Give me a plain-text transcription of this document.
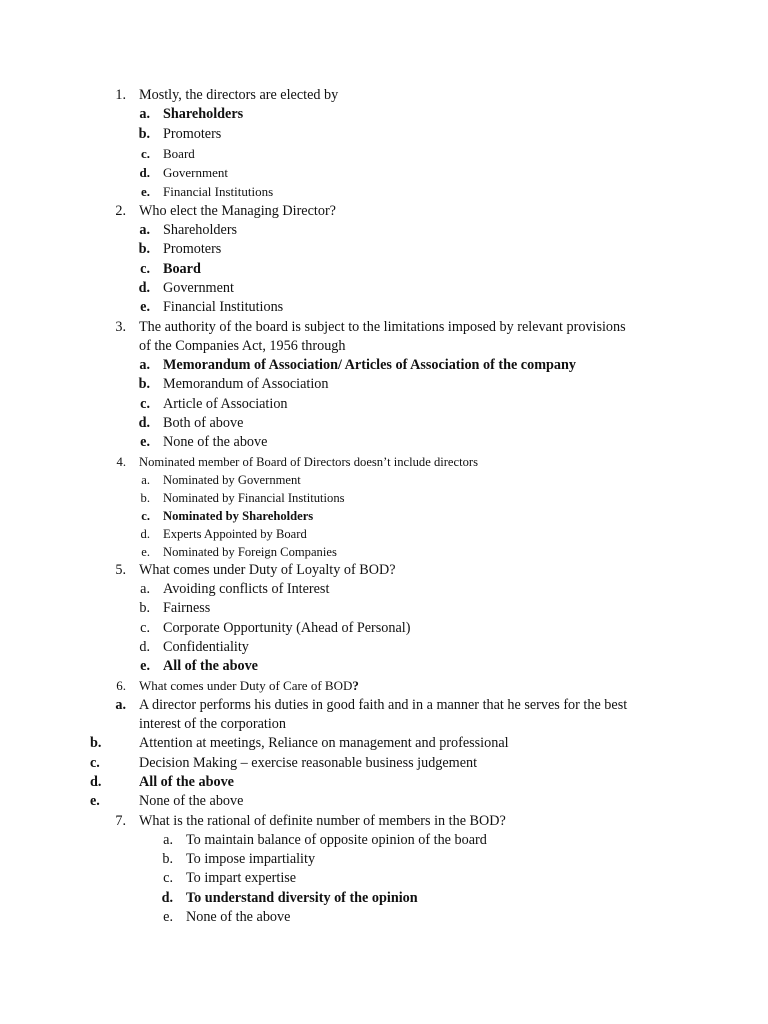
1. Mostly, the directors are elected by
a. Shareholders
b. Promoters
c. Board
d. Government
e. Financial Institutions
2. Who elect the Managing Director?
a. Shareholders
b. Promoters
c. Board
d. Government
e. Financial Institutions
3. The authority of the board is subject to the limitations imposed by relevant provisions
of the Companies Act, 1956 through
a. Memorandum of Association/ Articles of Association of the company
b. Memorandum of Association
c. Article of Association
d. Both of above
e. None of the above
4. Nominated member of Board of Directors doesn’t include directors
a. Nominated by Government
b. Nominated by Financial Institutions
c. Nominated by Shareholders
d. Experts Appointed by Board
e. Nominated by Foreign Companies
5. What comes under Duty of Loyalty of BOD?
a. Avoiding conflicts of Interest
b. Fairness
c. Corporate Opportunity (Ahead of Personal)
d. Confidentiality
e. All of the above
6. What comes under Duty of Care of BOD?
a. A director performs his duties in good faith and in a manner that he serves for the best
interest of the corporation
b.	Attention at meetings, Reliance on management and professional
c.	Decision Making – exercise reasonable business judgement
d.	All of the above
e.	None of the above
7. What is the rational of definite number of members in the BOD?
a. To maintain balance of opposite opinion of the board
b. To impose impartiality
c. To impart expertise
d. To understand diversity of the opinion
e. None of the above
